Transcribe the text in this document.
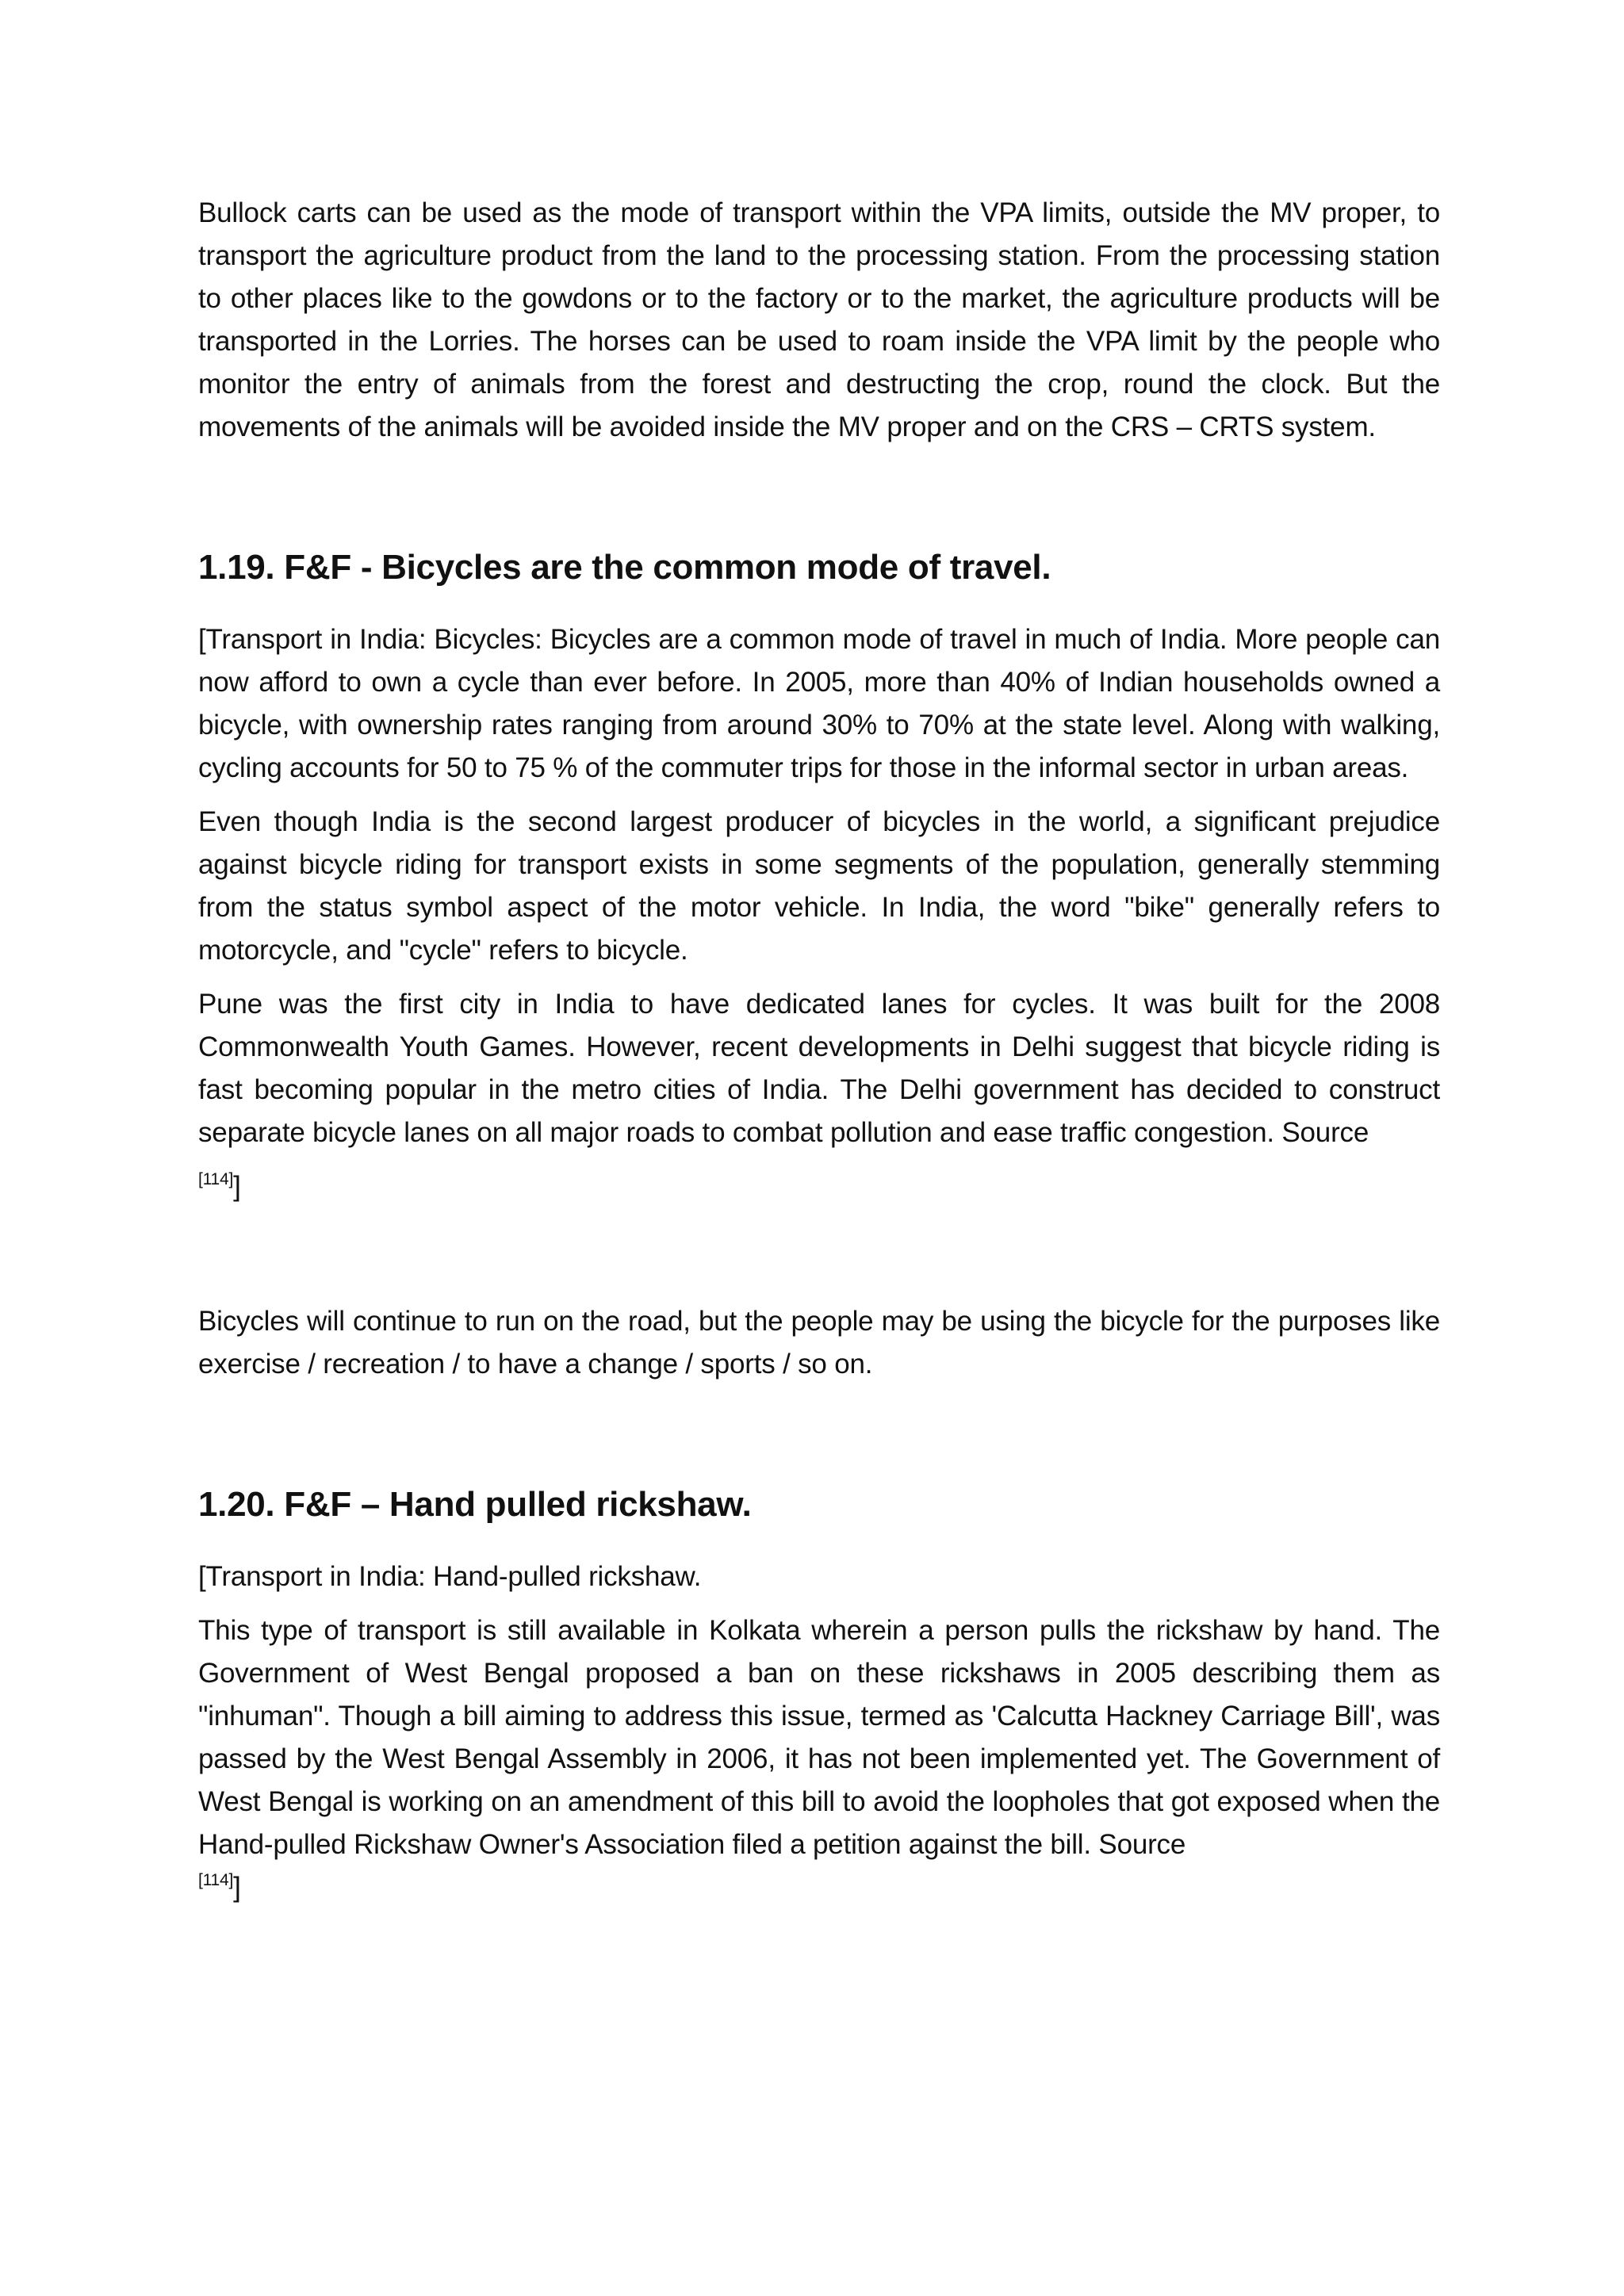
Bullock carts can be used as the mode of transport within the VPA limits, outside the MV proper, to transport the agriculture product from the land to the processing station. From the processing station to other places like to the gowdons or to the factory or to the market, the agriculture products will be transported in the Lorries. The horses can be used to roam inside the VPA limit by the people who monitor the entry of animals from the forest and destructing the crop, round the clock. But the movements of the animals will be avoided inside the MV proper and on the CRS – CRTS system.

1.19. F&F - Bicycles are the common mode of travel.

[Transport in India: Bicycles: Bicycles are a common mode of travel in much of India. More people can now afford to own a cycle than ever before. In 2005, more than 40% of Indian households owned a bicycle, with ownership rates ranging from around 30% to 70% at the state level. Along with walking, cycling accounts for 50 to 75 % of the commuter trips for those in the informal sector in urban areas.

Even though India is the second largest producer of bicycles in the world, a significant prejudice against bicycle riding for transport exists in some segments of the population, generally stemming from the status symbol aspect of the motor vehicle. In India, the word "bike" generally refers to motorcycle, and "cycle" refers to bicycle.

Pune was the first city in India to have dedicated lanes for cycles. It was built for the 2008 Commonwealth Youth Games. However, recent developments in Delhi suggest that bicycle riding is fast becoming popular in the metro cities of India. The Delhi government has decided to construct separate bicycle lanes on all major roads to combat pollution and ease traffic congestion. Source

[114]]

Bicycles will continue to run on the road, but the people may be using the bicycle for the purposes like exercise / recreation / to have a change / sports / so on.

1.20. F&F – Hand pulled rickshaw.

[Transport in India: Hand-pulled rickshaw.

This type of transport is still available in Kolkata wherein a person pulls the rickshaw by hand. The Government of West Bengal proposed a ban on these rickshaws in 2005 describing them as "inhuman". Though a bill aiming to address this issue, termed as 'Calcutta Hackney Carriage Bill', was passed by the West Bengal Assembly in 2006, it has not been implemented yet. The Government of West Bengal is working on an amendment of this bill to avoid the loopholes that got exposed when the Hand-pulled Rickshaw Owner's Association filed a petition against the bill. Source

[114]]
